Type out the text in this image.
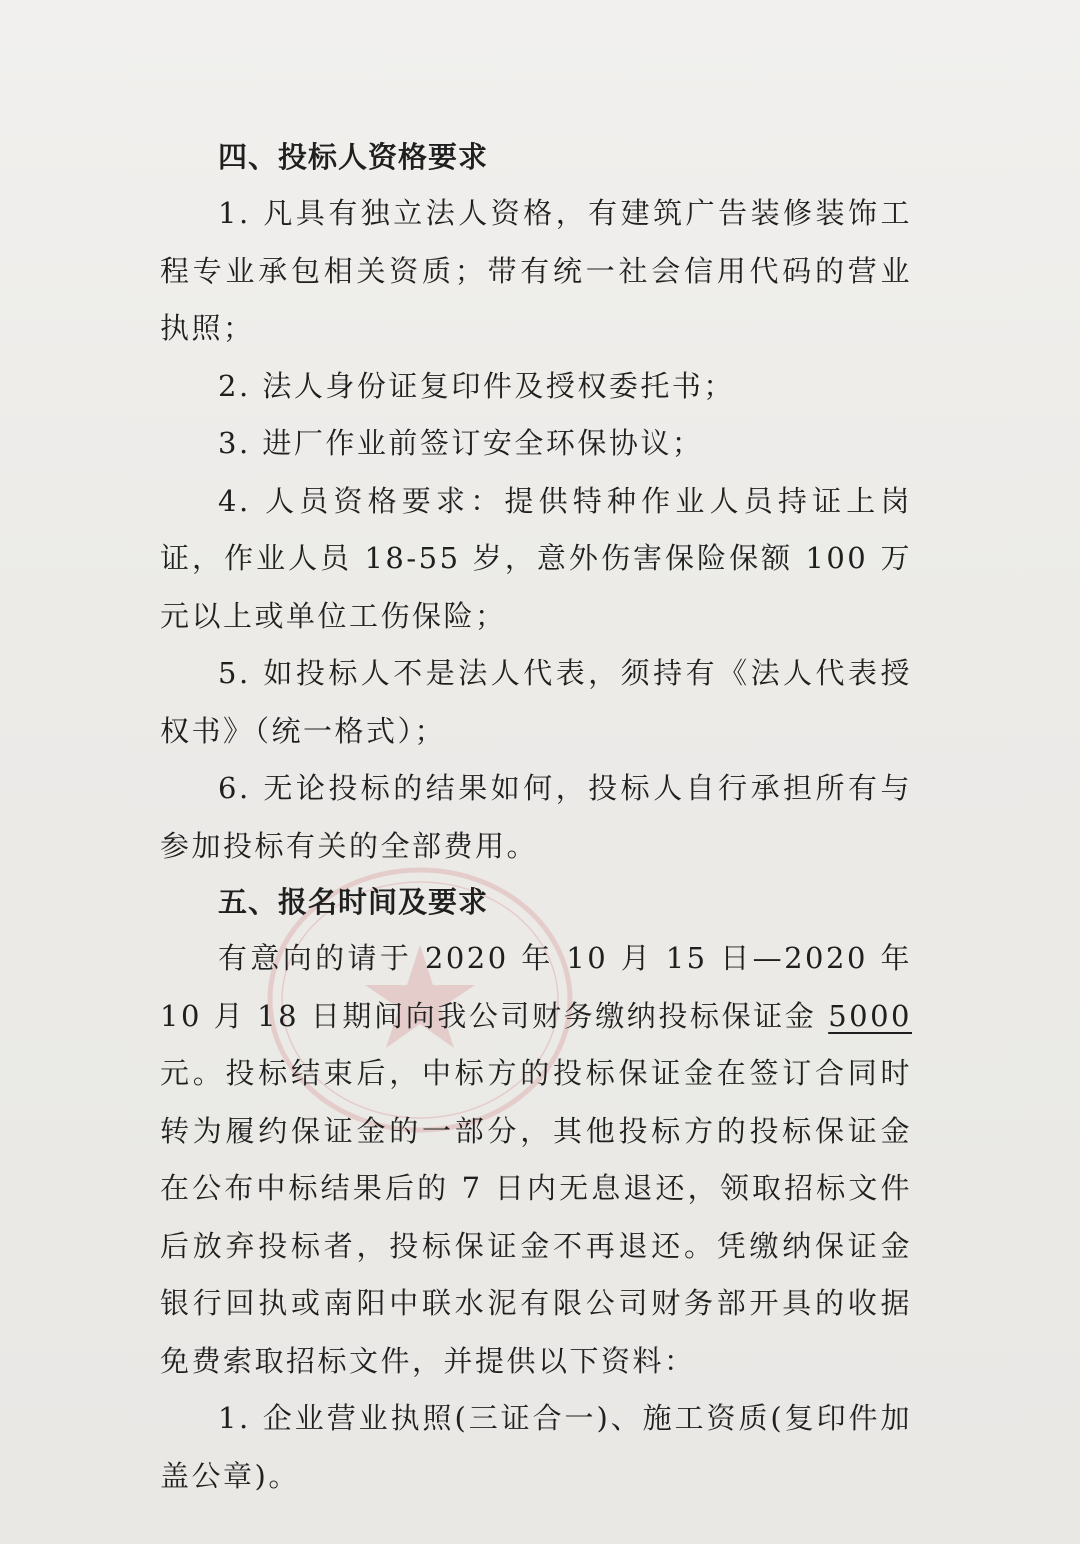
四、投标人资格要求

1. 凡具有独立法人资格，有建筑广告装修装饰工程专业承包相关资质；带有统一社会信用代码的营业执照；

2. 法人身份证复印件及授权委托书；

3. 进厂作业前签订安全环保协议；

4. 人员资格要求：提供特种作业人员持证上岗证，作业人员 18-55 岁，意外伤害保险保额 100 万元以上或单位工伤保险；

5. 如投标人不是法人代表，须持有《法人代表授权书》（统一格式）；

6. 无论投标的结果如何，投标人自行承担所有与参加投标有关的全部费用。

五、报名时间及要求

有意向的请于 2020 年 10 月 15 日—2020 年 10 月 18 日期间向我公司财务缴纳投标保证金 5000 元。投标结束后，中标方的投标保证金在签订合同时转为履约保证金的一部分，其他投标方的投标保证金在公布中标结果后的 7 日内无息退还，领取招标文件后放弃投标者，投标保证金不再退还。凭缴纳保证金银行回执或南阳中联水泥有限公司财务部开具的收据免费索取招标文件，并提供以下资料：

1. 企业营业执照(三证合一)、施工资质(复印件加盖公章)。
